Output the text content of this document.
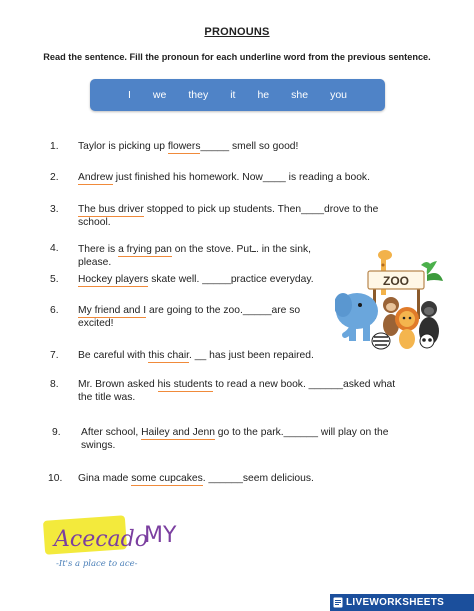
PRONOUNS
Read the sentence. Fill the pronoun for each underline word from the previous sentence.
I we they it he she you
1. Taylor is picking up flowers_____ smell so good!
2. Andrew just finished his homework. Now____ is reading a book.
3. The bus driver stopped to pick up students. Then____drove to the school.
4. There is a frying pan on the stove. Put . in the sink, please.
5. Hockey players skate well. _____practice everyday.
6. My friend and I are going to the zoo._____are so excited!
7. Be careful with this chair. __ has just been repaired.
8. Mr. Brown asked his students to read a new book. ______asked what the title was.
9. After school, Hailey and Jenn go to the park.______ will play on the swings.
10. Gina made some cupcakes. ______seem delicious.
ZOO
Acecado
MY
-It's a place to ace-
LIVEWORKSHEETS
